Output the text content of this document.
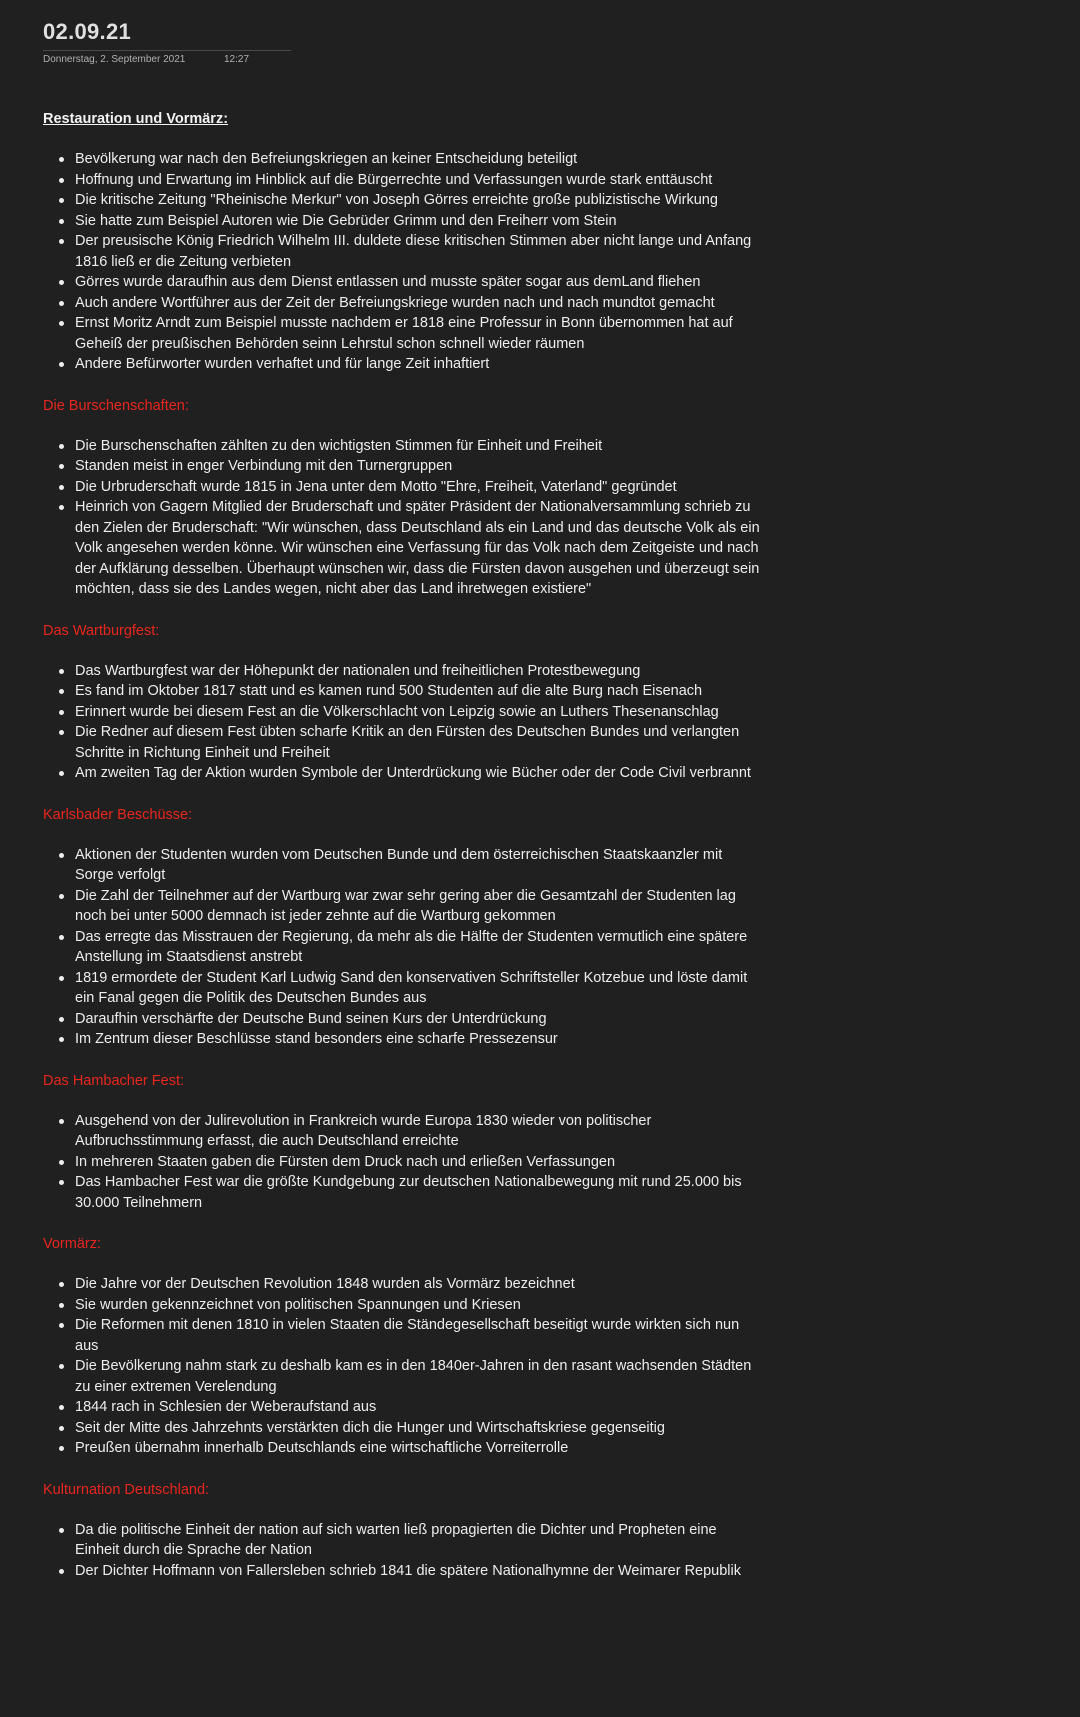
02.09.21
Donnerstag, 2. September 2021	12:27
Restauration und Vormärz:
Bevölkerung war nach den Befreiungskriegen an keiner Entscheidung beteiligt
Hoffnung und Erwartung im Hinblick auf die Bürgerrechte und Verfassungen wurde stark enttäuscht
Die kritische Zeitung "Rheinische Merkur" von Joseph Görres erreichte große publizistische Wirkung
Sie hatte zum Beispiel Autoren wie Die Gebrüder Grimm und den Freiherr vom Stein
Der preusische König Friedrich Wilhelm III. duldete diese kritischen Stimmen aber nicht lange und Anfang 1816 ließ er die Zeitung verbieten
Görres wurde daraufhin aus dem Dienst entlassen und musste später sogar aus demLand fliehen
Auch andere Wortführer aus der Zeit der Befreiungskriege wurden nach und nach mundtot gemacht
Ernst Moritz Arndt zum Beispiel musste nachdem er 1818 eine Professur in Bonn übernommen hat auf Geheiß der preußischen Behörden seinn Lehrstul schon schnell wieder räumen
Andere Befürworter wurden verhaftet und für lange Zeit inhaftiert
Die Burschenschaften:
Die Burschenschaften zählten zu den wichtigsten Stimmen für Einheit und Freiheit
Standen meist in enger Verbindung mit den Turnergruppen
Die Urbruderschaft wurde 1815 in Jena unter dem Motto "Ehre, Freiheit, Vaterland" gegründet
Heinrich von Gagern Mitglied der Bruderschaft und später Präsident der Nationalversammlung schrieb zu den Zielen der Bruderschaft: "Wir wünschen, dass Deutschland als ein Land und das deutsche Volk als ein Volk angesehen werden könne. Wir wünschen eine Verfassung für das Volk nach dem Zeitgeiste und nach der Aufklärung desselben. Überhaupt wünschen wir, dass die Fürsten davon ausgehen und überzeugt sein möchten, dass sie des Landes wegen, nicht aber das Land ihretwegen existiere"
Das Wartburgfest:
Das Wartburgfest war der Höhepunkt der nationalen und freiheitlichen Protestbewegung
Es fand im Oktober 1817 statt und es kamen rund 500 Studenten auf die alte Burg nach Eisenach
Erinnert wurde bei diesem Fest an die Völkerschlacht von Leipzig sowie an Luthers Thesenanschlag
Die Redner auf diesem Fest übten scharfe Kritik an den Fürsten des Deutschen Bundes und verlangten Schritte in Richtung Einheit und Freiheit
Am zweiten Tag der Aktion wurden Symbole der Unterdrückung wie Bücher oder der Code Civil verbrannt
Karlsbader Beschüsse:
Aktionen der Studenten wurden vom Deutschen Bunde und dem österreichischen Staatskaanzler mit Sorge verfolgt
Die Zahl der Teilnehmer auf der Wartburg war zwar sehr gering aber die Gesamtzahl der Studenten lag noch bei unter 5000 demnach ist jeder zehnte auf die Wartburg gekommen
Das erregte das Misstrauen der Regierung, da mehr als die Hälfte der Studenten vermutlich eine spätere Anstellung im Staatsdienst anstrebt
1819 ermordete der Student Karl Ludwig Sand den konservativen Schriftsteller Kotzebue und löste damit ein Fanal gegen die Politik des Deutschen Bundes aus
Daraufhin verschärfte der Deutsche Bund seinen Kurs der Unterdrückung
Im Zentrum dieser Beschlüsse stand besonders eine scharfe Pressezensur
Das Hambacher Fest:
Ausgehend von der Julirevolution in Frankreich wurde Europa 1830 wieder von politischer Aufbruchsstimmung erfasst, die auch Deutschland erreichte
In mehreren Staaten gaben die Fürsten dem Druck nach und erließen Verfassungen
Das Hambacher Fest war die größte Kundgebung zur deutschen Nationalbewegung mit rund 25.000 bis 30.000 Teilnehmern
Vormärz:
Die Jahre vor der Deutschen Revolution 1848 wurden als Vormärz bezeichnet
Sie wurden gekennzeichnet von politischen Spannungen und Kriesen
Die Reformen mit denen 1810 in vielen Staaten die Ständegesellschaft beseitigt wurde wirkten sich nun aus
Die Bevölkerung nahm stark zu deshalb kam es in den 1840er-Jahren in den rasant wachsenden Städten zu einer extremen Verelendung
1844 rach in Schlesien der Weberaufstand aus
Seit der Mitte des Jahrzehnts verstärkten dich die Hunger und Wirtschaftskriese gegenseitig
Preußen übernahm innerhalb Deutschlands eine wirtschaftliche Vorreiterrolle
Kulturnation Deutschland:
Da die politische Einheit der nation auf sich warten ließ propagierten die Dichter und Propheten eine Einheit durch die Sprache der Nation
Der Dichter Hoffmann von Fallersleben schrieb 1841 die spätere Nationalhymne der Weimarer Republik
